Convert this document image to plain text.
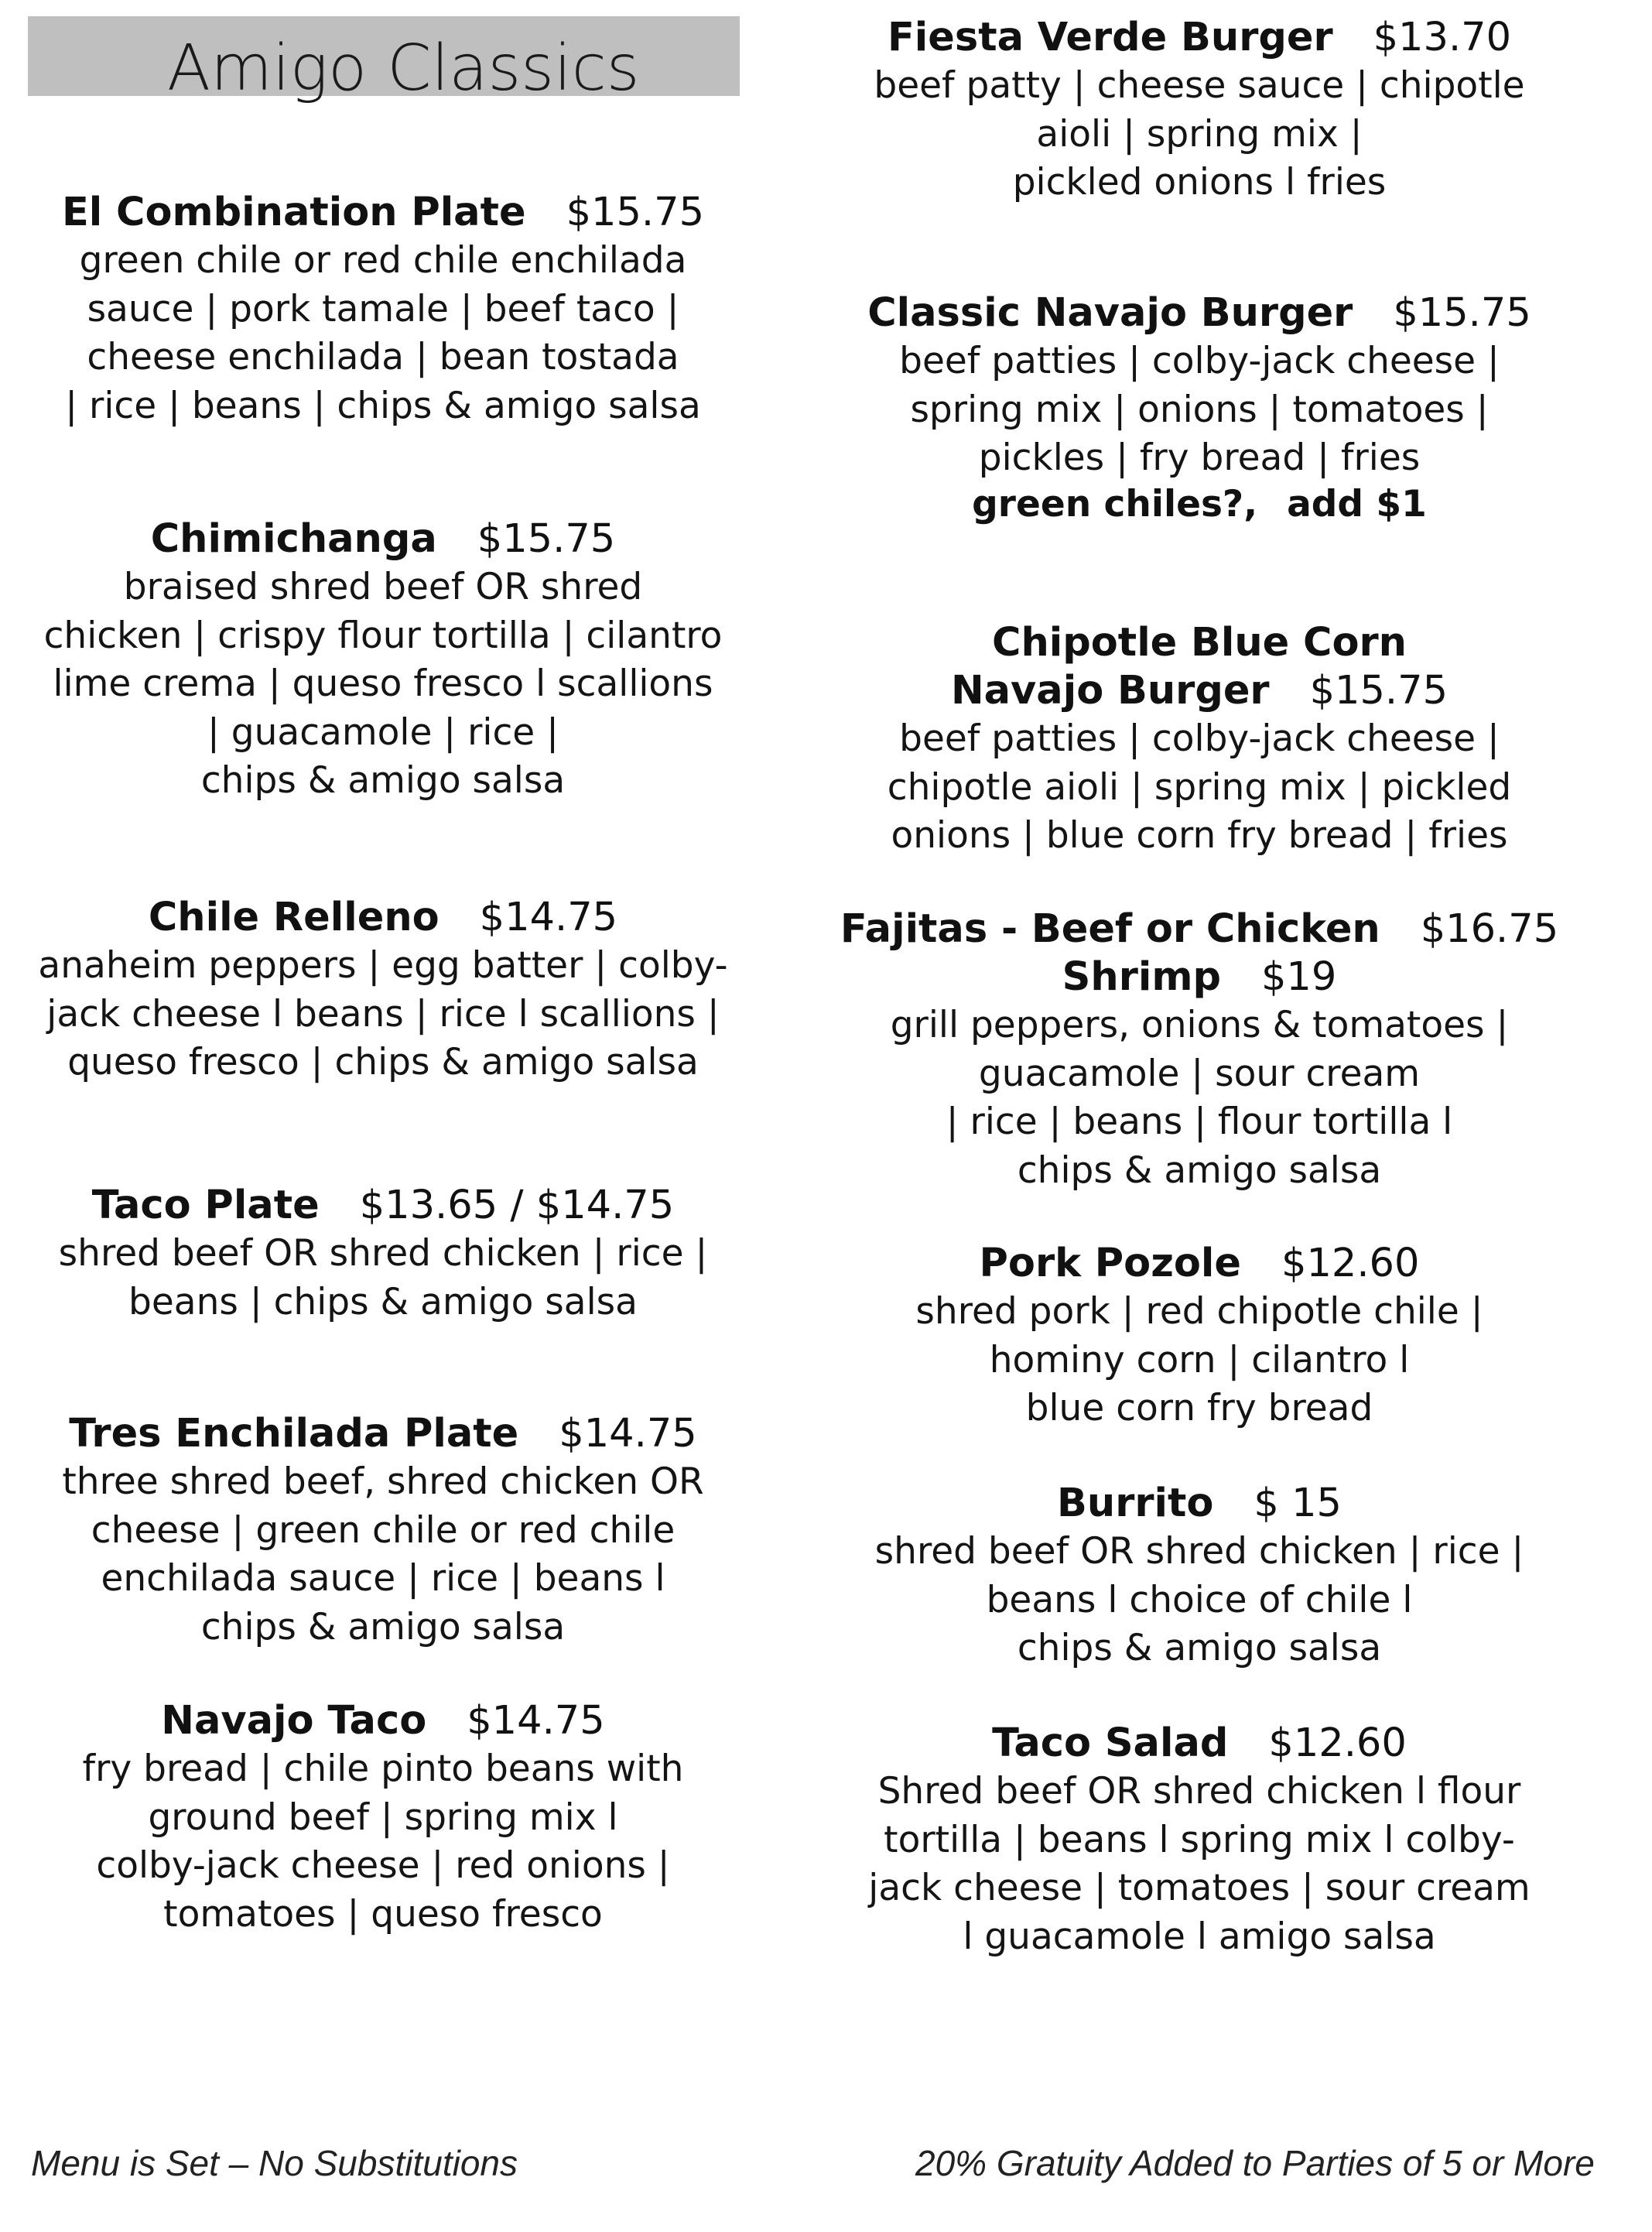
Amigo Classics
El Combination Plate $15.75
green chile or red chile enchilada
sauce | pork tamale | beef taco |
cheese enchilada | bean tostada
| rice | beans | chips & amigo salsa
Chimichanga $15.75
braised shred beef OR shred
chicken | crispy flour tortilla | cilantro
lime crema | queso fresco l scallions
| guacamole | rice |
chips & amigo salsa
Chile Relleno $14.75
anaheim peppers | egg batter | colby-
jack cheese l beans | rice l scallions |
queso fresco | chips & amigo salsa
Taco Plate $13.65 / $14.75
shred beef OR shred chicken | rice |
beans | chips & amigo salsa
Tres Enchilada Plate $14.75
three shred beef, shred chicken OR
cheese | green chile or red chile
enchilada sauce | rice | beans l
chips & amigo salsa
Navajo Taco $14.75
fry bread | chile pinto beans with
ground beef | spring mix l
colby-jack cheese | red onions |
tomatoes | queso fresco
Fiesta Verde Burger $13.70
beef patty | cheese sauce | chipotle
aioli | spring mix |
pickled onions l fries
Classic Navajo Burger $15.75
beef patties | colby-jack cheese |
spring mix | onions | tomatoes |
pickles | fry bread | fries
green chiles?, add $1
Chipotle Blue Corn
Navajo Burger $15.75
beef patties | colby-jack cheese |
chipotle aioli | spring mix | pickled
onions | blue corn fry bread | fries
Fajitas - Beef or Chicken $16.75
Shrimp $19
grill peppers, onions & tomatoes |
guacamole | sour cream
| rice | beans | flour tortilla l
chips & amigo salsa
Pork Pozole $12.60
shred pork | red chipotle chile |
hominy corn | cilantro l
blue corn fry bread
Burrito $ 15
shred beef OR shred chicken | rice |
beans l choice of chile l
chips & amigo salsa
Taco Salad $12.60
Shred beef OR shred chicken l flour
tortilla | beans l spring mix l colby-
jack cheese | tomatoes | sour cream
l guacamole l amigo salsa
Menu is Set – No Substitutions	20% Gratuity Added to Parties of 5 or More
